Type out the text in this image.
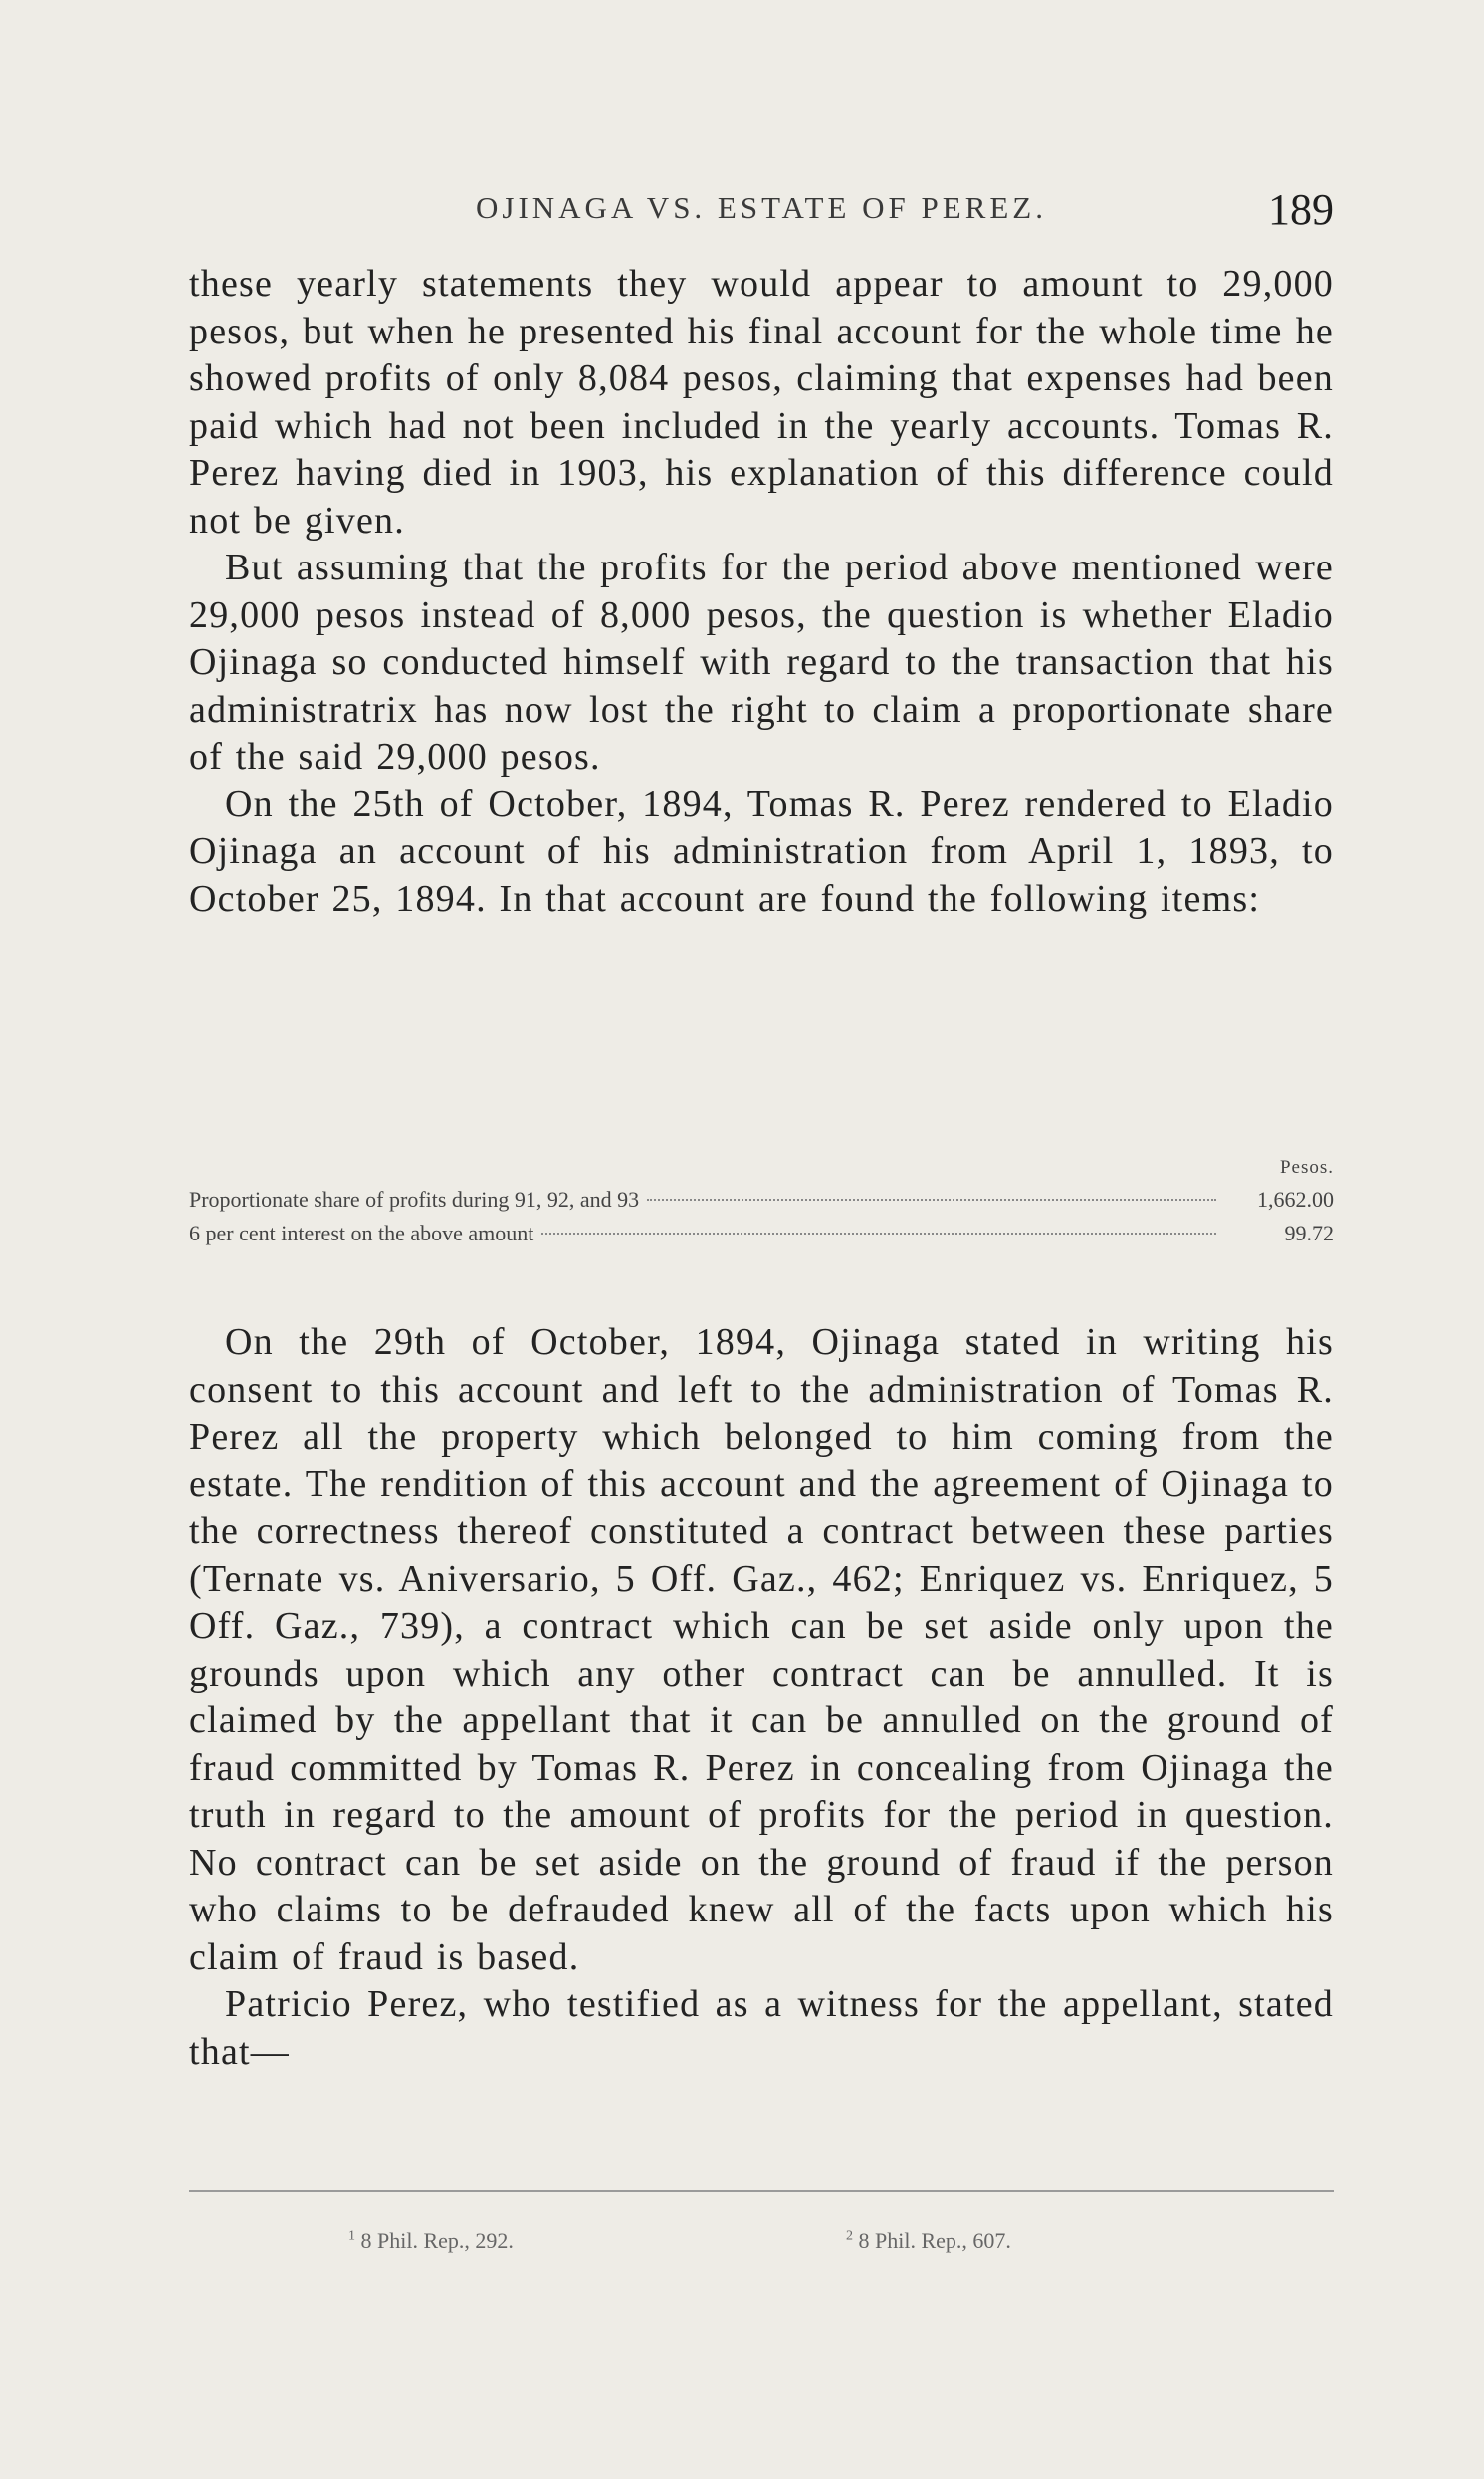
OJINAGA VS. ESTATE OF PEREZ.	189

these yearly statements they would appear to amount to 29,000 pesos, but when he presented his final account for the whole time he showed profits of only 8,084 pesos, claiming that expenses had been paid which had not been included in the yearly accounts. Tomas R. Perez having died in 1903, his explanation of this difference could not be given.

But assuming that the profits for the period above mentioned were 29,000 pesos instead of 8,000 pesos, the question is whether Eladio Ojinaga so conducted himself with regard to the transaction that his administratrix has now lost the right to claim a proportionate share of the said 29,000 pesos.

On the 25th of October, 1894, Tomas R. Perez rendered to Eladio Ojinaga an account of his administration from April 1, 1893, to October 25, 1894. In that account are found the following items:

Pesos.
Proportionate share of profits during 91, 92, and 93	1,662.00
6 per cent interest on the above amount	99.72

On the 29th of October, 1894, Ojinaga stated in writing his consent to this account and left to the administration of Tomas R. Perez all the property which belonged to him coming from the estate. The rendition of this account and the agreement of Ojinaga to the correctness thereof constituted a contract between these parties (Ternate vs. Aniversario, 5 Off. Gaz., 462; Enriquez vs. Enriquez, 5 Off. Gaz., 739), a contract which can be set aside only upon the grounds upon which any other contract can be annulled. It is claimed by the appellant that it can be annulled on the ground of fraud committed by Tomas R. Perez in concealing from Ojinaga the truth in regard to the amount of profits for the period in question. No contract can be set aside on the ground of fraud if the person who claims to be defrauded knew all of the facts upon which his claim of fraud is based.

Patricio Perez, who testified as a witness for the appellant, stated that—

$^1$ 8 Phil. Rep., 292.	$^2$ 8 Phil. Rep., 607.
